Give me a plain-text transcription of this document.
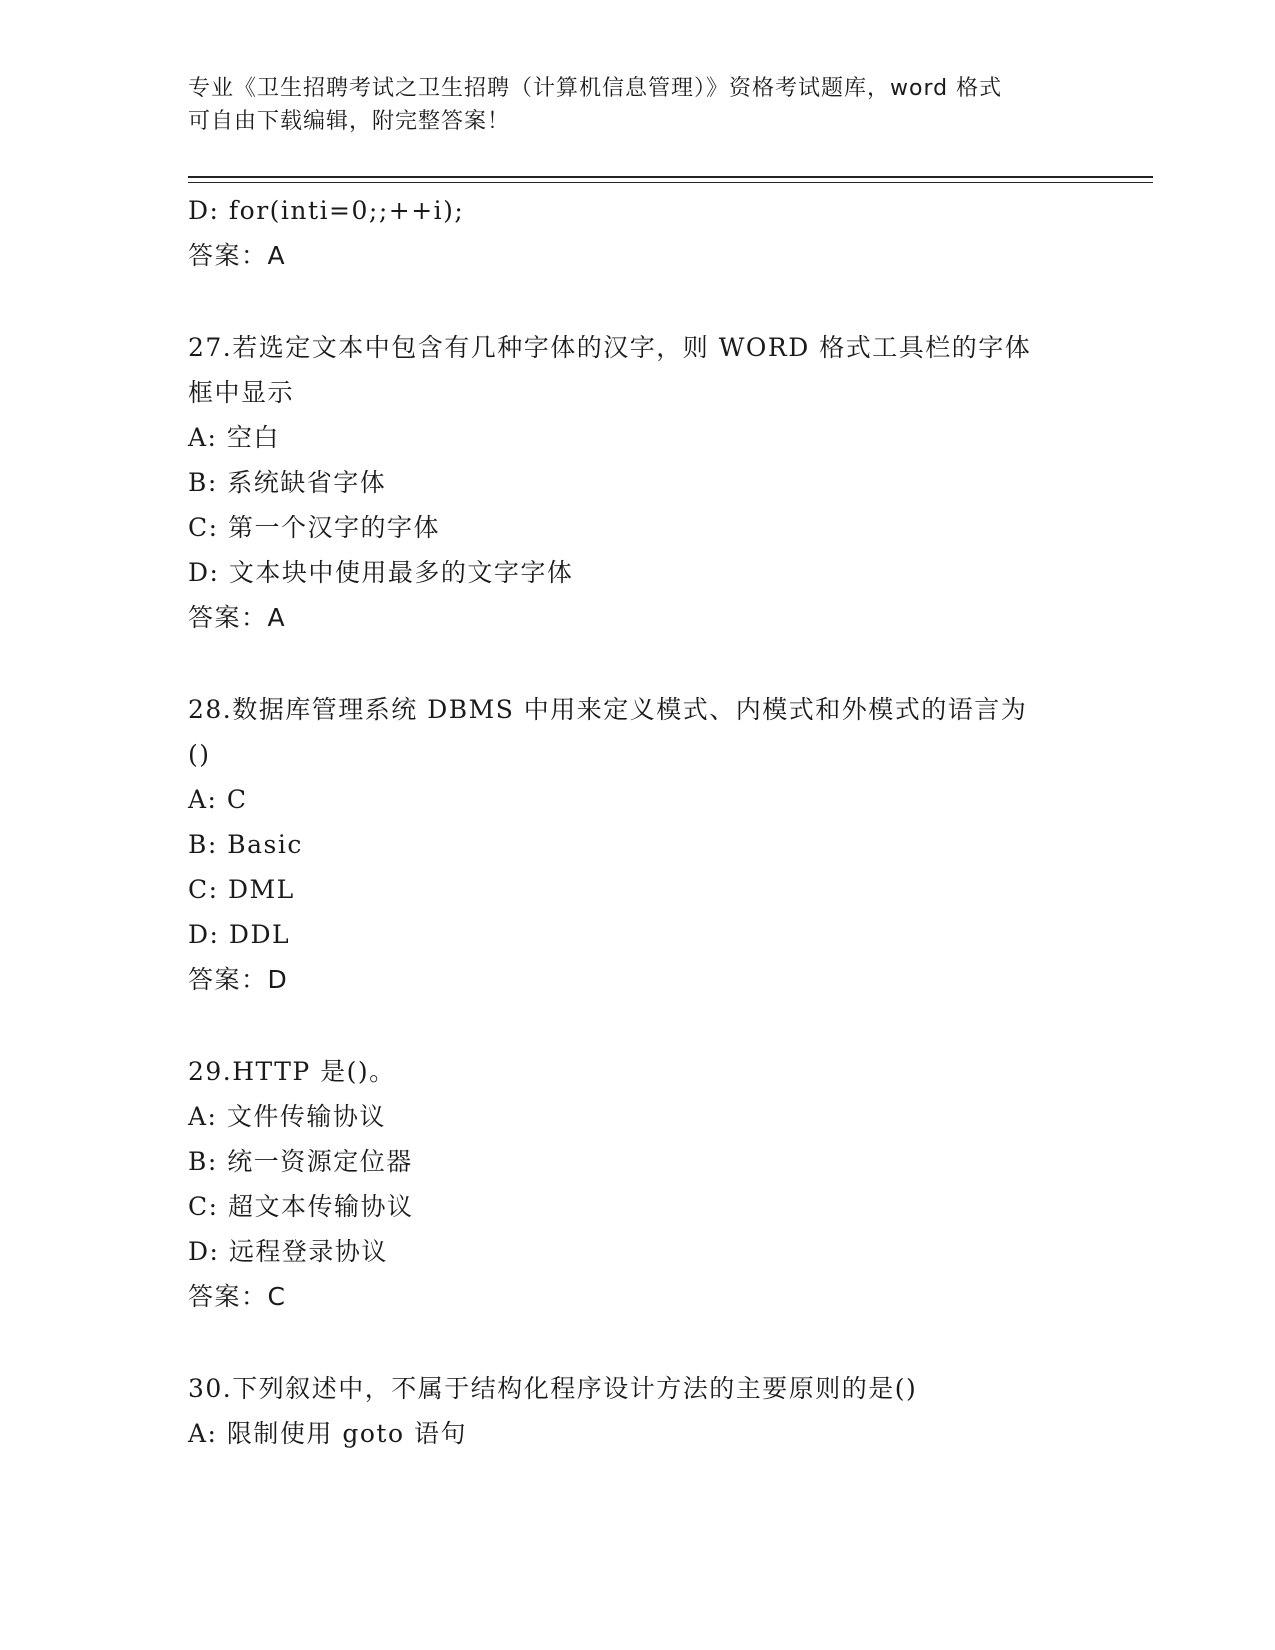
专业《卫生招聘考试之卫生招聘（计算机信息管理）》资格考试题库，word 格式
可自由下载编辑，附完整答案！
D: for(inti=0;;++i);
答案：A
27.若选定文本中包含有几种字体的汉字，则 WORD 格式工具栏的字体
框中显示
A: 空白
B: 系统缺省字体
C: 第一个汉字的字体
D: 文本块中使用最多的文字字体
答案：A
28.数据库管理系统 DBMS 中用来定义模式、内模式和外模式的语言为
()
A: C
B: Basic
C: DML
D: DDL
答案：D
29.HTTP 是()。
A: 文件传输协议
B: 统一资源定位器
C: 超文本传输协议
D: 远程登录协议
答案：C
30.下列叙述中，不属于结构化程序设计方法的主要原则的是()
A: 限制使用 goto 语句
